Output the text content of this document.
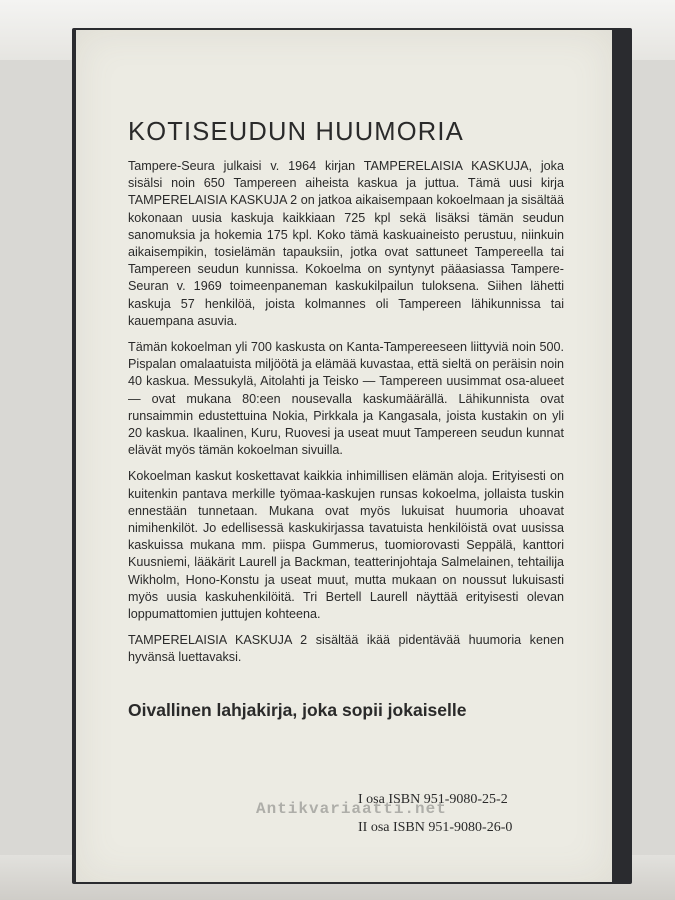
KOTISEUDUN HUUMORIA

Tampere-Seura julkaisi v. 1964 kirjan TAMPERELAISIA KASKUJA, joka sisälsi noin 650 Tampereen aiheista kaskua ja juttua. Tämä uusi kirja TAMPERELAISIA KASKUJA 2 on jatkoa aikaisempaan kokoelmaan ja sisältää kokonaan uusia kaskuja kaikkiaan 725 kpl sekä lisäksi tämän seudun sanomuksia ja hokemia 175 kpl. Koko tämä kaskuaineisto perustuu, niinkuin aikaisempikin, tosielämän tapauksiin, jotka ovat sattuneet Tampereella tai Tampereen seudun kunnissa. Kokoelma on syntynyt pääasiassa Tampere-Seuran v. 1969 toimeenpaneman kaskukilpailun tuloksena. Siihen lähetti kaskuja 57 henkilöä, joista kolmannes oli Tampereen lähikunnissa tai kauempana asuvia.

Tämän kokoelman yli 700 kaskusta on Kanta-Tampereeseen liittyviä noin 500. Pispalan omalaatuista miljöötä ja elämää kuvastaa, että sieltä on peräisin noin 40 kaskua. Messukylä, Aitolahti ja Teisko — Tampereen uusimmat osa-alueet — ovat mukana 80:een nousevalla kaskumäärällä. Lähikunnista ovat runsaimmin edustettuina Nokia, Pirkkala ja Kangasala, joista kustakin on yli 20 kaskua. Ikaalinen, Kuru, Ruovesi ja useat muut Tampereen seudun kunnat elävät myös tämän kokoelman sivuilla.

Kokoelman kaskut koskettavat kaikkia inhimillisen elämän aloja. Erityisesti on kuitenkin pantava merkille työmaa-kaskujen runsas kokoelma, jollaista tuskin ennestään tunnetaan. Mukana ovat myös lukuisat huumoria uhoavat nimihenkilöt. Jo edellisessä kaskukirjassa tavatuista henkilöistä ovat uusissa kaskuissa mukana mm. piispa Gummerus, tuomiorovasti Seppälä, kanttori Kuusniemi, lääkärit Laurell ja Backman, teatterinjohtaja Salmelainen, tehtailija Wikholm, Hono-Konstu ja useat muut, mutta mukaan on noussut lukuisasti myös uusia kaskuhenkilöitä. Tri Bertell Laurell näyttää erityisesti olevan loppumattomien juttujen kohteena.

TAMPERELAISIA KASKUJA 2 sisältää ikää pidentävää huumoria kenen hyvänsä luettavaksi.

Oivallinen lahjakirja, joka sopii jokaiselle

I osa ISBN 951-9080-25-2
II osa ISBN 951-9080-26-0
Antikvariaatti.net
